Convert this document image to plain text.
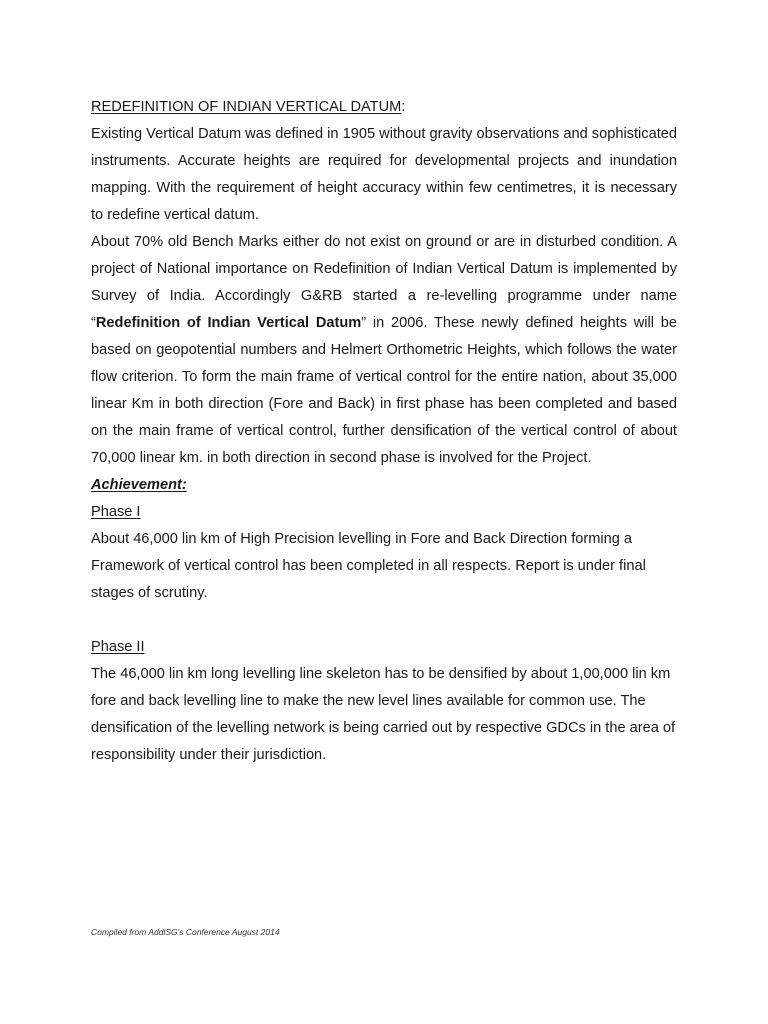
REDEFINITION OF INDIAN VERTICAL DATUM:

Existing Vertical Datum was defined in 1905 without gravity observations and sophisticated instruments. Accurate heights are required for developmental projects and inundation mapping. With the requirement of height accuracy within few centimetres, it is necessary to redefine vertical datum.

About 70% old Bench Marks either do not exist on ground or are in disturbed condition. A project of National importance on Redefinition of Indian Vertical Datum is implemented by Survey of India. Accordingly G&RB started a re-levelling programme under name “Redefinition of Indian Vertical Datum” in 2006. These newly defined heights will be based on geopotential numbers and Helmert Orthometric Heights, which follows the water flow criterion. To form the main frame of vertical control for the entire nation, about 35,000 linear Km in both direction (Fore and Back) in first phase has been completed and based on the main frame of vertical control, further densification of the vertical control of about 70,000 linear km. in both direction in second phase is involved for the Project.

Achievement:
Phase I

About 46,000 lin km of High Precision levelling in Fore and Back Direction forming a Framework of vertical control has been completed in all respects. Report is under final stages of scrutiny.

Phase II

The 46,000 lin km long levelling line skeleton has to be densified by about 1,00,000 lin km fore and back levelling line to make the new level lines available for common use. The densification of the levelling network is being carried out by respective GDCs in the area of responsibility under their jurisdiction.

Compiled from AddlSG's Conference August 2014
